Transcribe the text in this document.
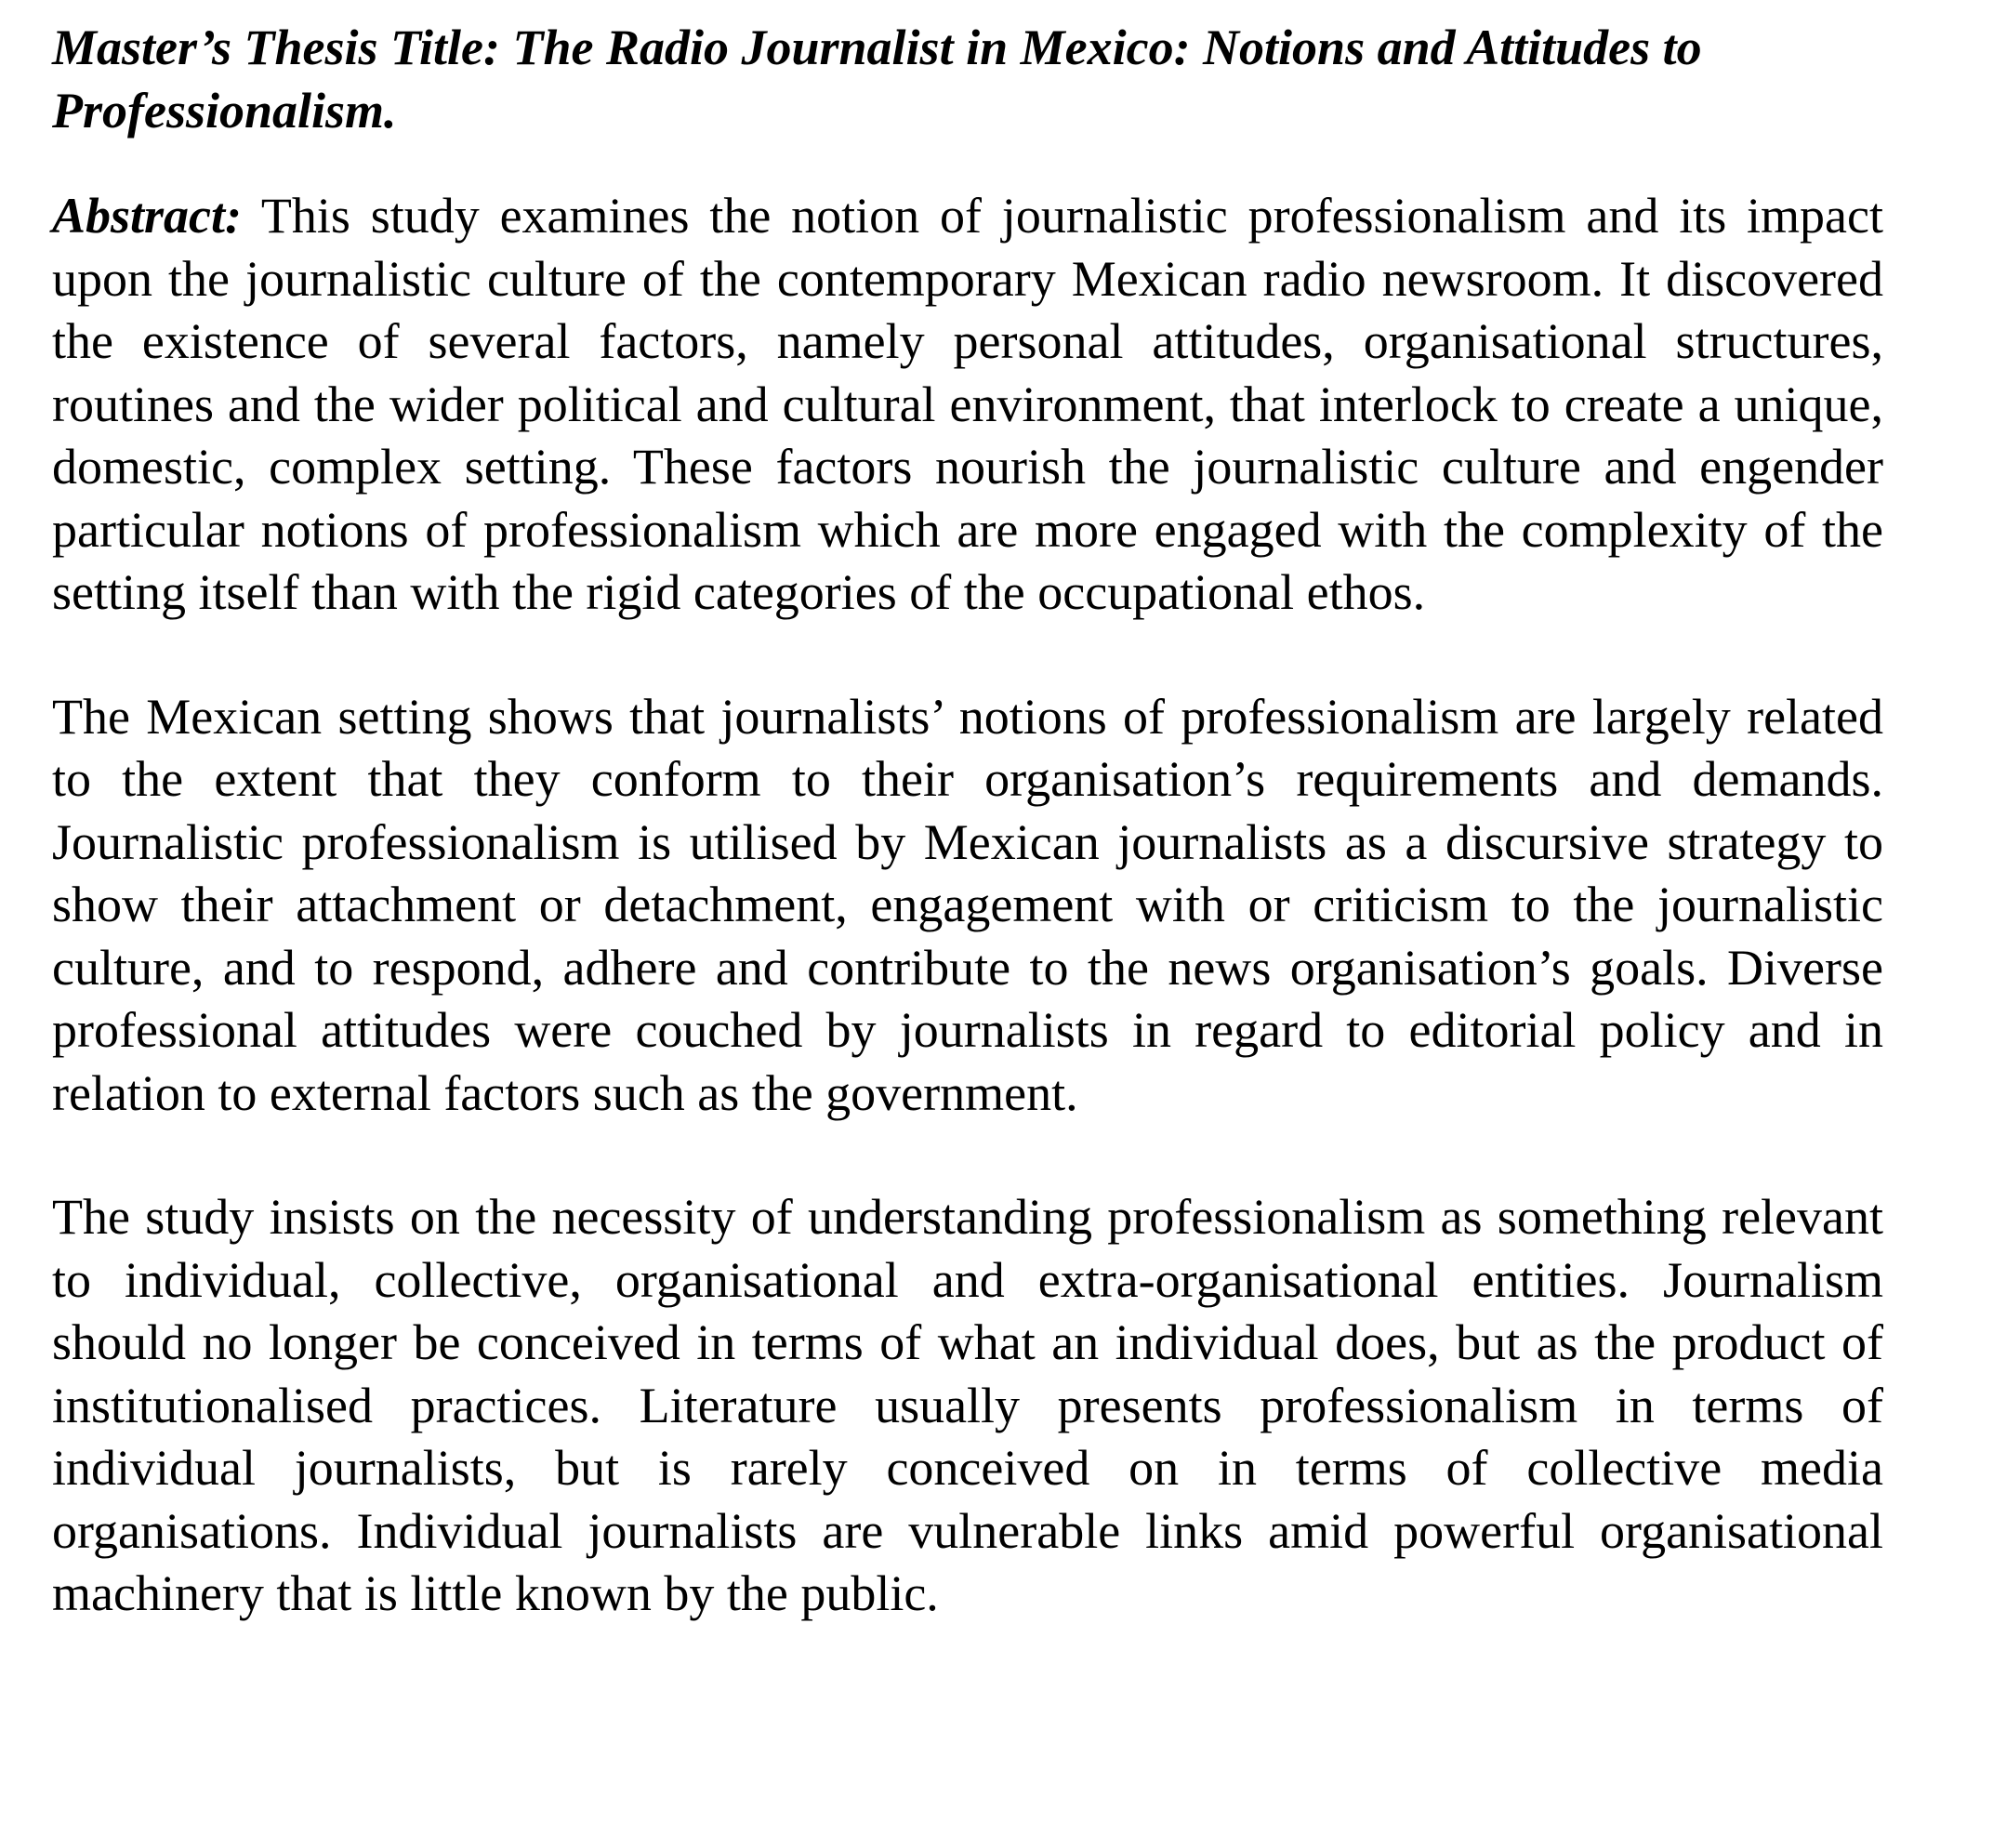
Master’s Thesis Title: The Radio Journalist in Mexico: Notions and Attitudes to Professionalism.

Abstract: This study examines the notion of journalistic professionalism and its impact upon the journalistic culture of the contemporary Mexican radio newsroom. It discovered the existence of several factors, namely personal attitudes, organisational structures, routines and the wider political and cultural environment, that interlock to create a unique, domestic, complex setting. These factors nourish the journalistic culture and engender particular notions of professionalism which are more engaged with the complexity of the setting itself than with the rigid categories of the occupational ethos.

The Mexican setting shows that journalists’ notions of professionalism are largely related to the extent that they conform to their organisation’s requirements and demands. Journalistic professionalism is utilised by Mexican journalists as a discursive strategy to show their attachment or detachment, engagement with or criticism to the journalistic culture, and to respond, adhere and contribute to the news organisation’s goals. Diverse professional attitudes were couched by journalists in regard to editorial policy and in relation to external factors such as the government.

The study insists on the necessity of understanding professionalism as something relevant to individual, collective, organisational and extra-organisational entities. Journalism should no longer be conceived in terms of what an individual does, but as the product of institutionalised practices. Literature usually presents professionalism in terms of individual journalists, but is rarely conceived on in terms of collective media organisations. Individual journalists are vulnerable links amid powerful organisational machinery that is little known by the public.
